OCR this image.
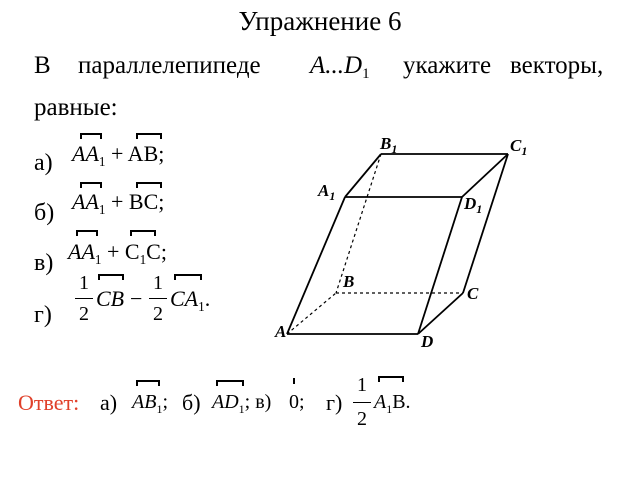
Упражнение 6
В параллелепипеде $A...D_1$ укажите векторы,
равные:
а) $AA_1$ + AB;
б) $AA_1$ + BC;
в) $AA_1 + C_1C$;
г)
1
2
CB −
1
2
$CA_1$.
$B_1$	$C_1$
$A_1$	$D_1$
B
C
A
D
Ответ: а) $AB_1$; б) $AD_1$; в) 0; г)
1
2
$A_1B$.
